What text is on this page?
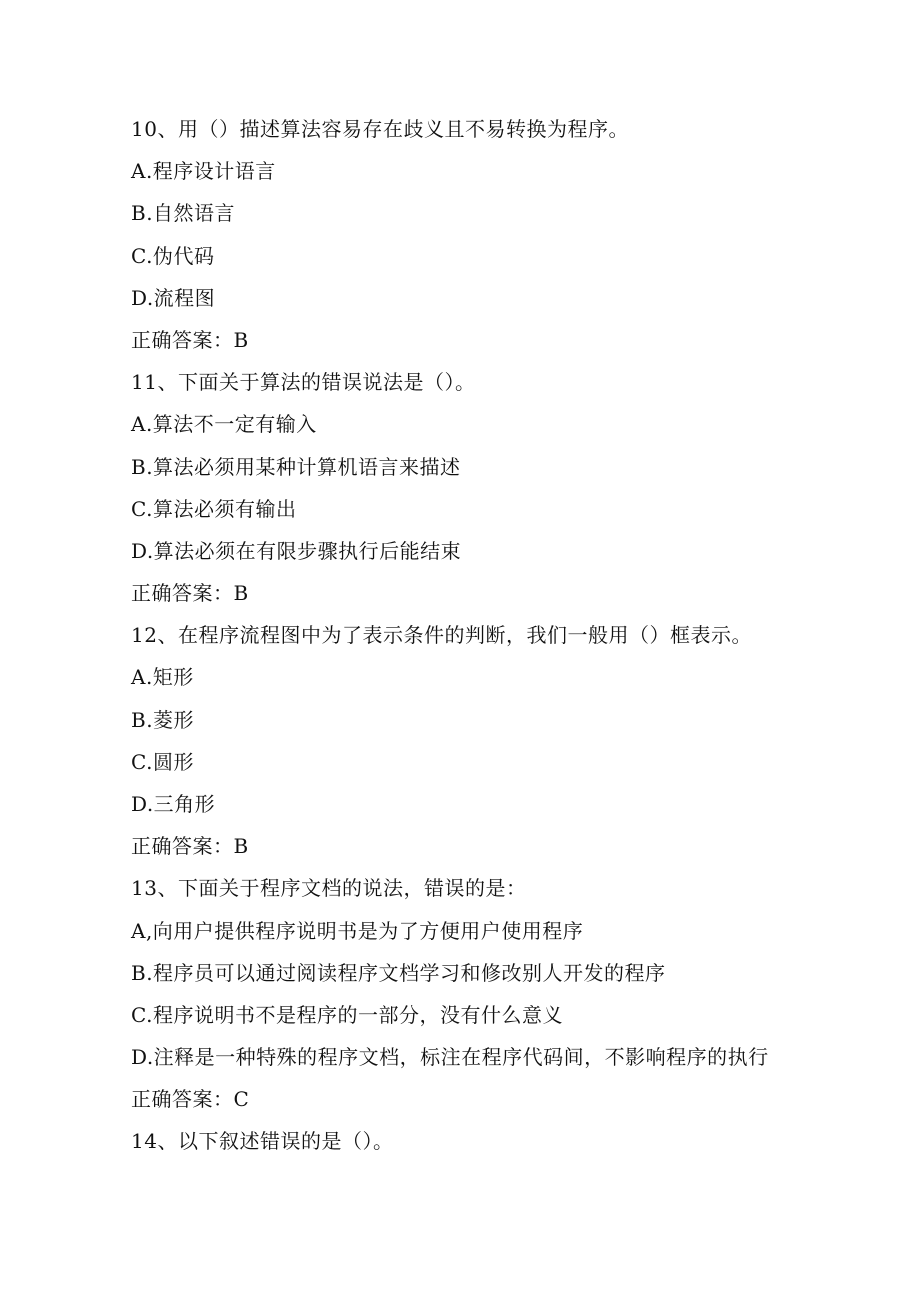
10、用（）描述算法容易存在歧义且不易转换为程序。
A.程序设计语言
B.自然语言
C.伪代码
D.流程图
正确答案：B
11、下面关于算法的错误说法是（）。
A.算法不一定有输入
B.算法必须用某种计算机语言来描述
C.算法必须有输出
D.算法必须在有限步骤执行后能结束
正确答案：B
12、在程序流程图中为了表示条件的判断，我们一般用（）框表示。
A.矩形
B.菱形
C.圆形
D.三角形
正确答案：B
13、下面关于程序文档的说法，错误的是：
A,向用户提供程序说明书是为了方便用户使用程序
B.程序员可以通过阅读程序文档学习和修改别人开发的程序
C.程序说明书不是程序的一部分，没有什么意义
D.注释是一种特殊的程序文档，标注在程序代码间，不影响程序的执行
正确答案：C
14、以下叙述错误的是（）。
